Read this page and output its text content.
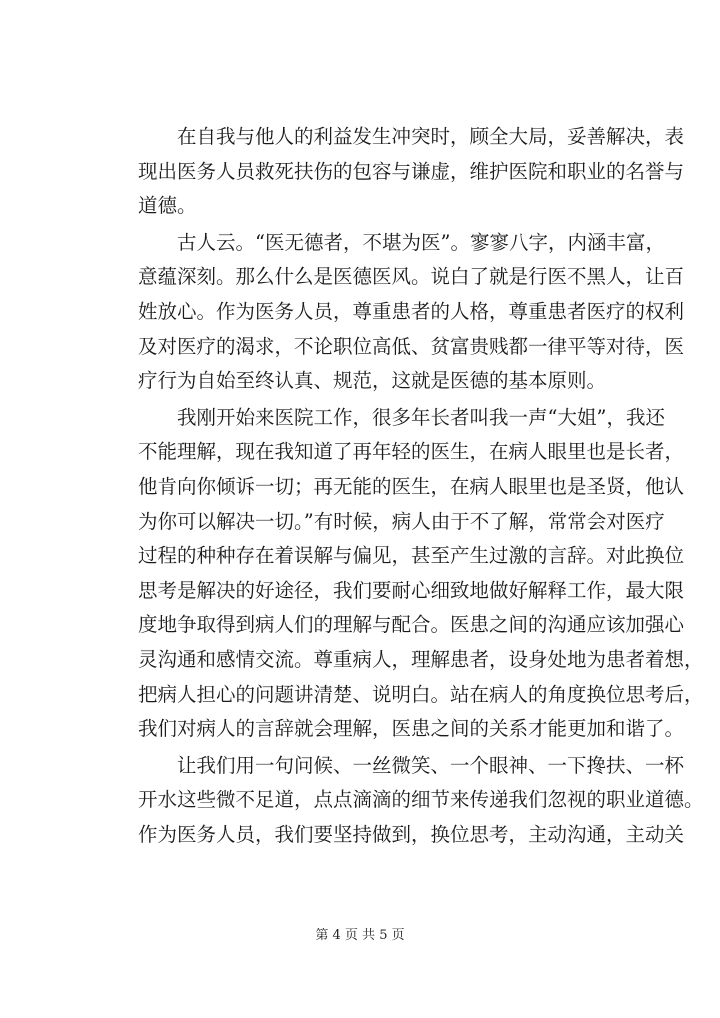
　　在自我与他人的利益发生冲突时，顾全大局，妥善解决，表
现出医务人员救死扶伤的包容与谦虚，维护医院和职业的名誉与
道德。
　　古人云。“医无德者，不堪为医”。寥寥八字，内涵丰富，
意蕴深刻。那么什么是医德医风。说白了就是行医不黑人，让百
姓放心。作为医务人员，尊重患者的人格，尊重患者医疗的权利
及对医疗的渴求，不论职位高低、贫富贵贱都一律平等对待，医
疗行为自始至终认真、规范，这就是医德的基本原则。
　　我刚开始来医院工作，很多年长者叫我一声“大姐”，我还
不能理解，现在我知道了再年轻的医生，在病人眼里也是长者，
他肯向你倾诉一切；再无能的医生，在病人眼里也是圣贤，他认
为你可以解决一切。”有时候，病人由于不了解，常常会对医疗
过程的种种存在着误解与偏见，甚至产生过激的言辞。对此换位
思考是解决的好途径，我们要耐心细致地做好解释工作，最大限
度地争取得到病人们的理解与配合。医患之间的沟通应该加强心
灵沟通和感情交流。尊重病人，理解患者，设身处地为患者着想，
把病人担心的问题讲清楚、说明白。站在病人的角度换位思考后，
我们对病人的言辞就会理解，医患之间的关系才能更加和谐了。
　　让我们用一句问候、一丝微笑、一个眼神、一下搀扶、一杯
开水这些微不足道，点点滴滴的细节来传递我们忽视的职业道德。
作为医务人员，我们要坚持做到，换位思考，主动沟通，主动关
第 4 页 共 5 页
